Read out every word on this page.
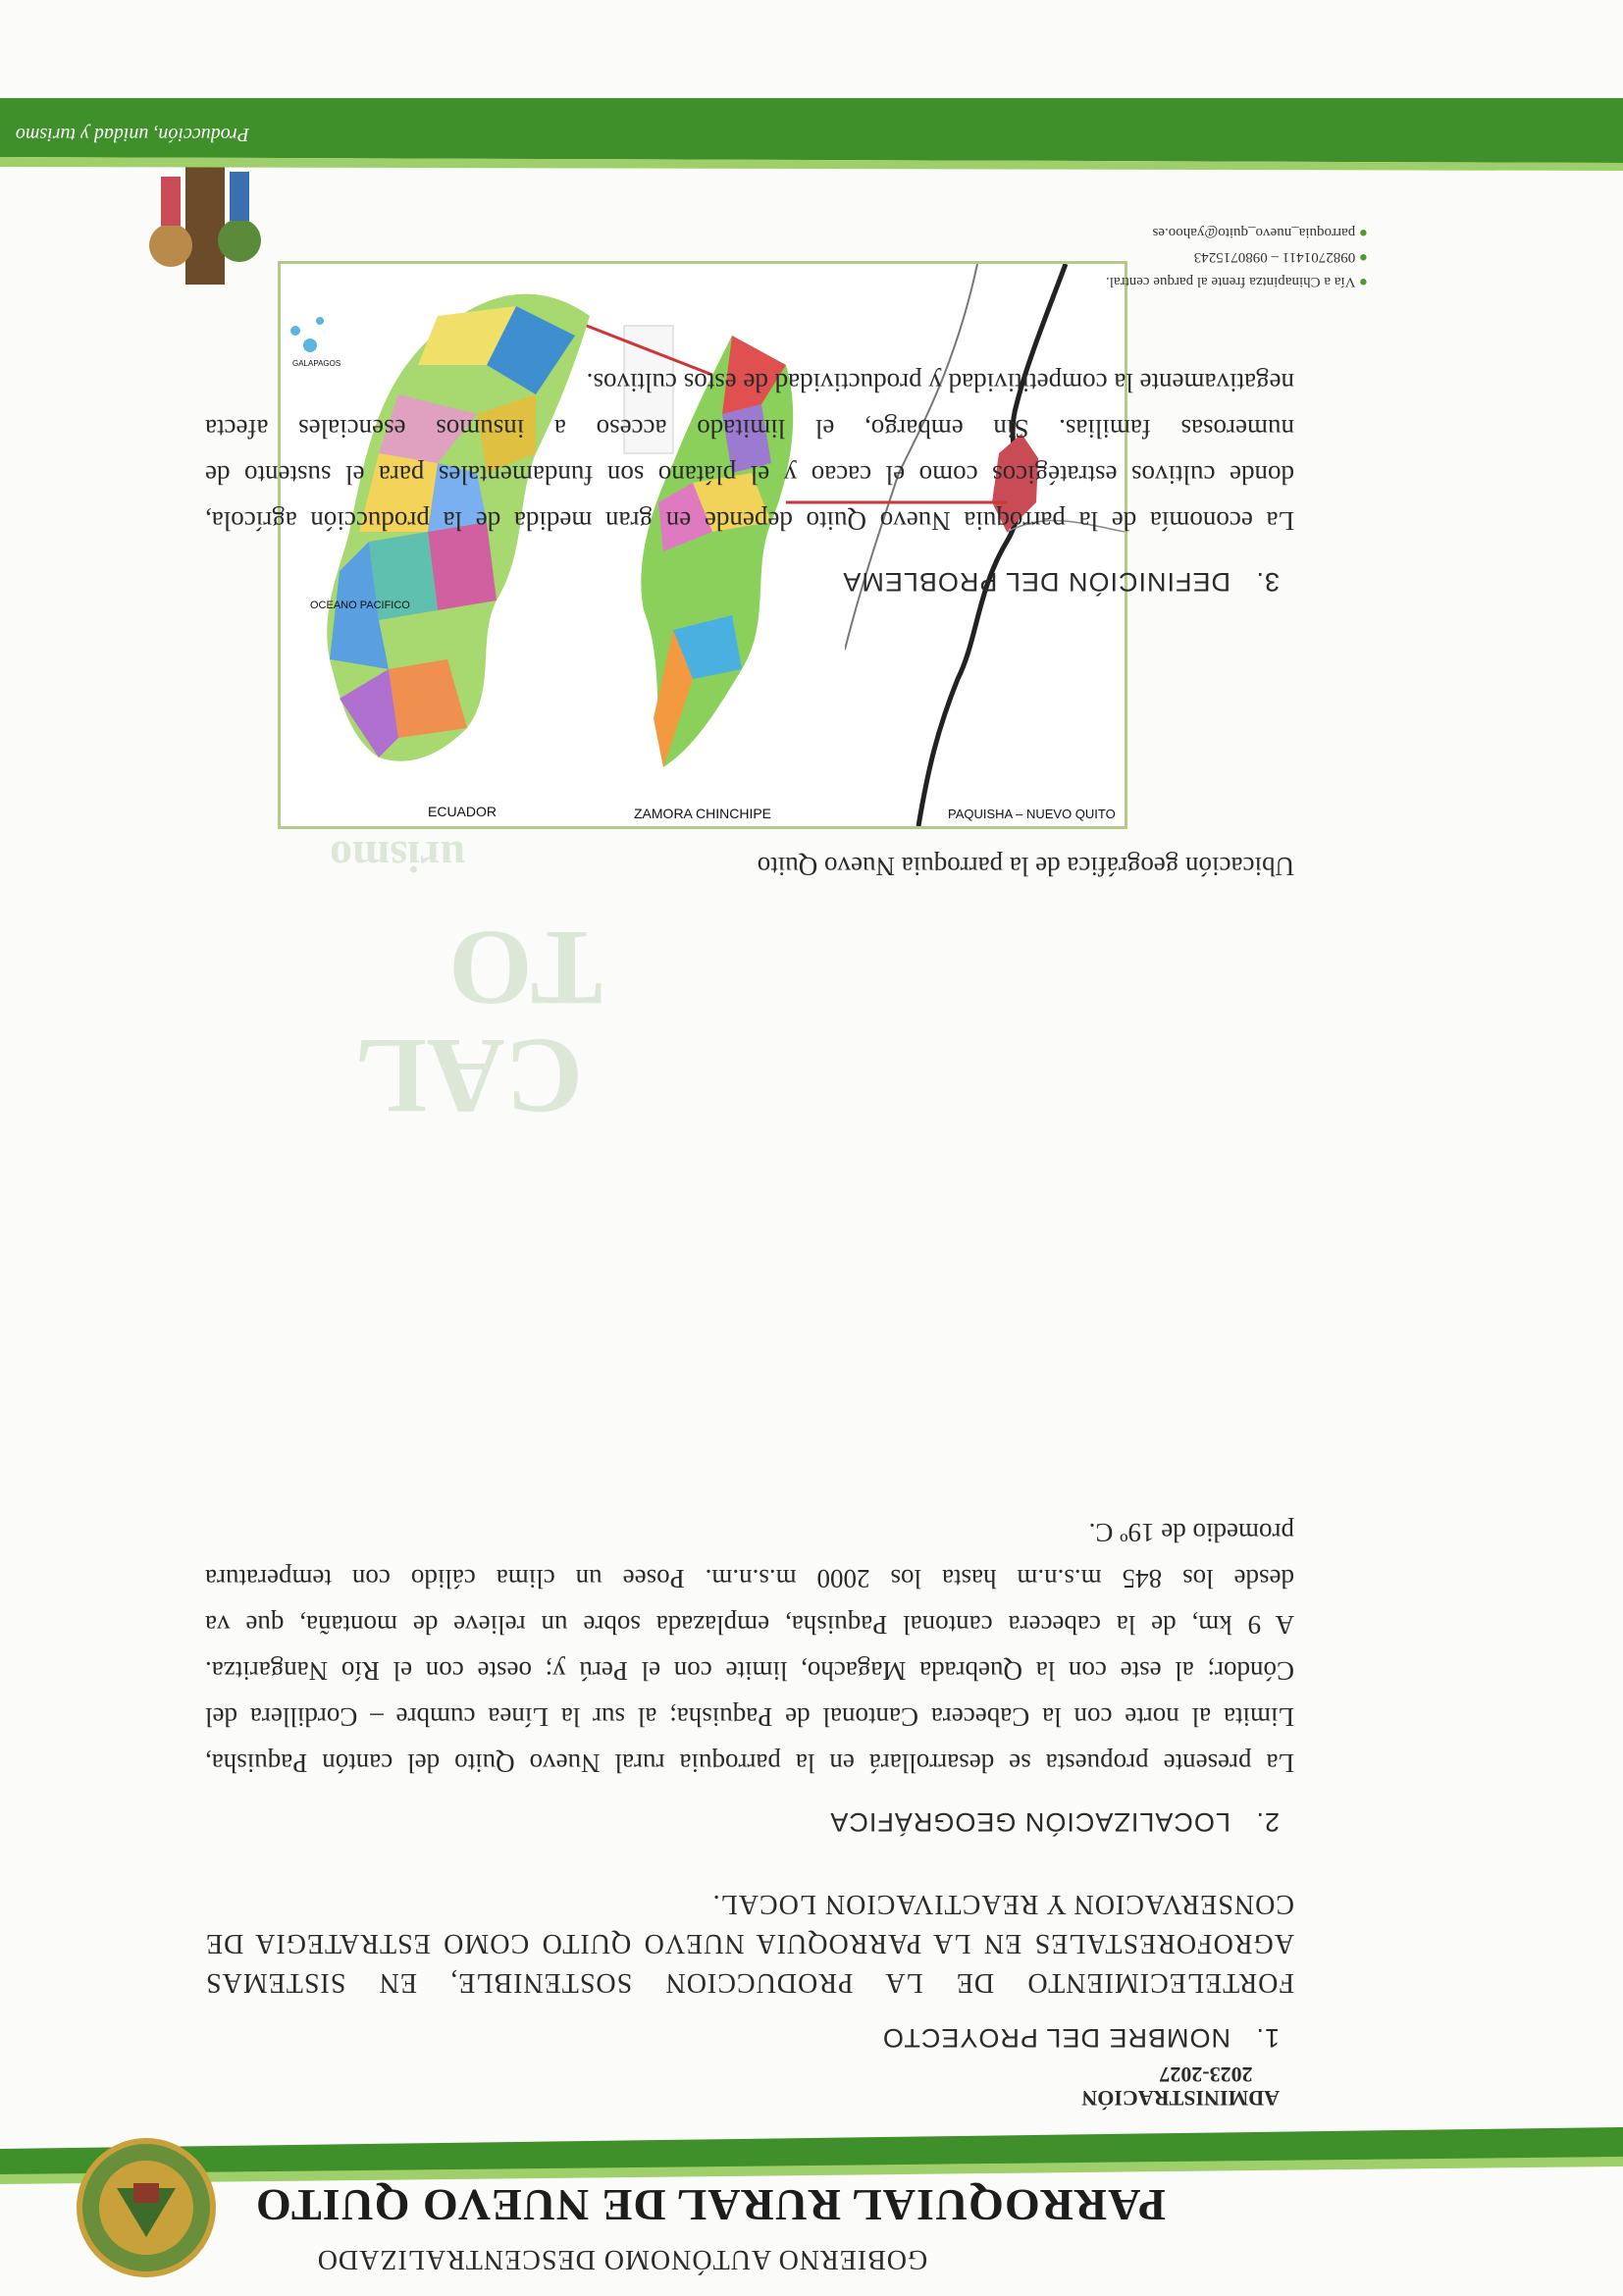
GOBIERNO AUTÓNOMO DESCENTRALIZADO
PARROQUIAL RURAL DE NUEVO QUITO
ADMINISTRACIÓN
2023-2027
1.   NOMBRE DEL PROYECTO
FORTELECIMIENTO DE LA PRODUCCION SOSTENIBLE, EN SISTEMAS
AGROFORESTALES EN LA PARROQUIA NUEVO QUITO COMO ESTRATEGIA DE
CONSERVACION Y REACTIVACION LOCAL.
2.   LOCALIZACIÓN GEOGRÁFICA
La presente propuesta se desarrollará en la parroquia rural Nuevo Quito del cantón Paquisha,
Limita al norte con la Cabecera Cantonal de Paquisha; al sur la Línea cumbre – Cordillera del
Cóndor; al este con la Quebrada Magacho, limite con el Perú y; oeste con el Río Nangaritza.
A 9 km, de la cabecera cantonal Paquisha, emplazada sobre un relieve de montaña, que va
desde los 845 m.s.n.m hasta los 2000 m.s.n.m. Posee un clima cálido con temperatura
promedio de 19º C.
Ubicación geográfica de la parroquia Nuevo Quito
CAL
TO
urismo
PAQUISHA – NUEVO QUITO
ZAMORA CHINCHIPE
ECUADOR
OCEANO PACIFICO
GALAPAGOS
3.   DEFINICIÓN DEL PROBLEMA
La economía de la parroquia Nuevo Quito depende en gran medida de la producción agrícola,
donde cultivos estratégicos como el cacao y el plátano son fundamentales para el sustento de
numerosas familias. Sin embargo, el limitado acceso a insumos esenciales afecta
negativamente la competitividad y productividad de estos cultivos.
● Vía a Chinapintza frente al parque central.
● 0982701411 – 0980715243
● parroquia_nuevo_quito@yahoo.es
Producción, unidad y turismo
